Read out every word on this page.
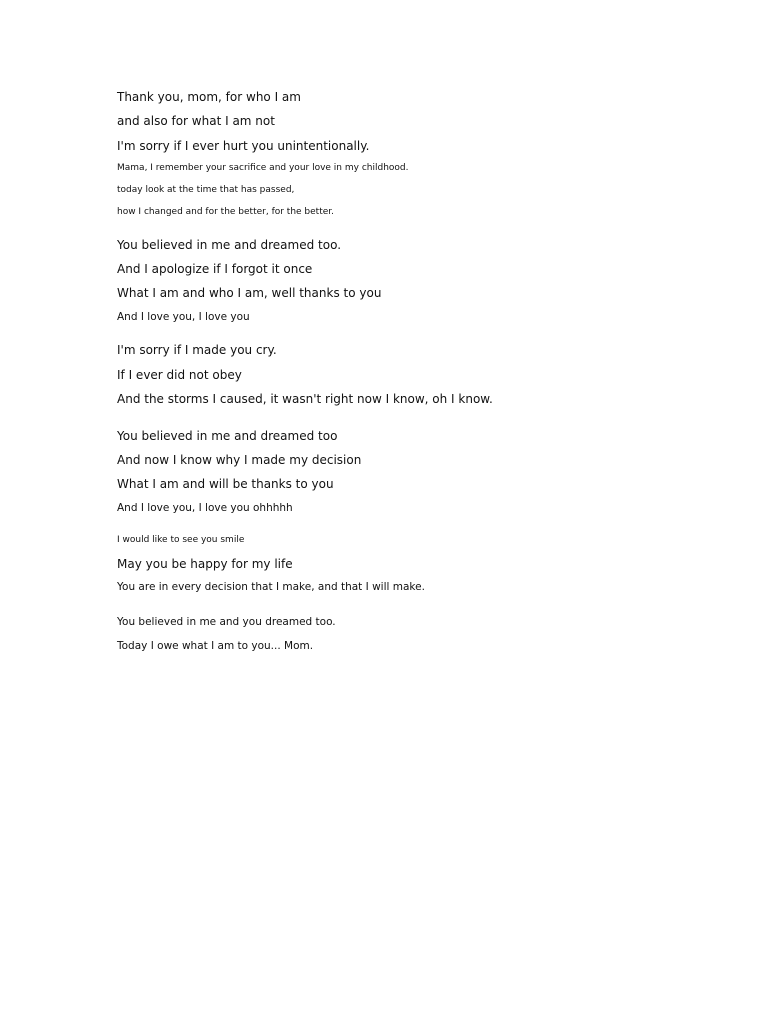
Thank you, mom, for who I am

and also for what I am not

I'm sorry if I ever hurt you unintentionally.

Mama, I remember your sacrifice and your love in my childhood.

today look at the time that has passed,

how I changed and for the better, for the better.

You believed in me and dreamed too.

And I apologize if I forgot it once

What I am and who I am, well thanks to you

And I love you, I love you

I'm sorry if I made you cry.

If I ever did not obey

And the storms I caused, it wasn't right now I know, oh I know.

You believed in me and dreamed too

And now I know why I made my decision

What I am and will be thanks to you

And I love you, I love you ohhhhh

I would like to see you smile

May you be happy for my life

You are in every decision that I make, and that I will make.

You believed in me and you dreamed too.

Today I owe what I am to you... Mom.
